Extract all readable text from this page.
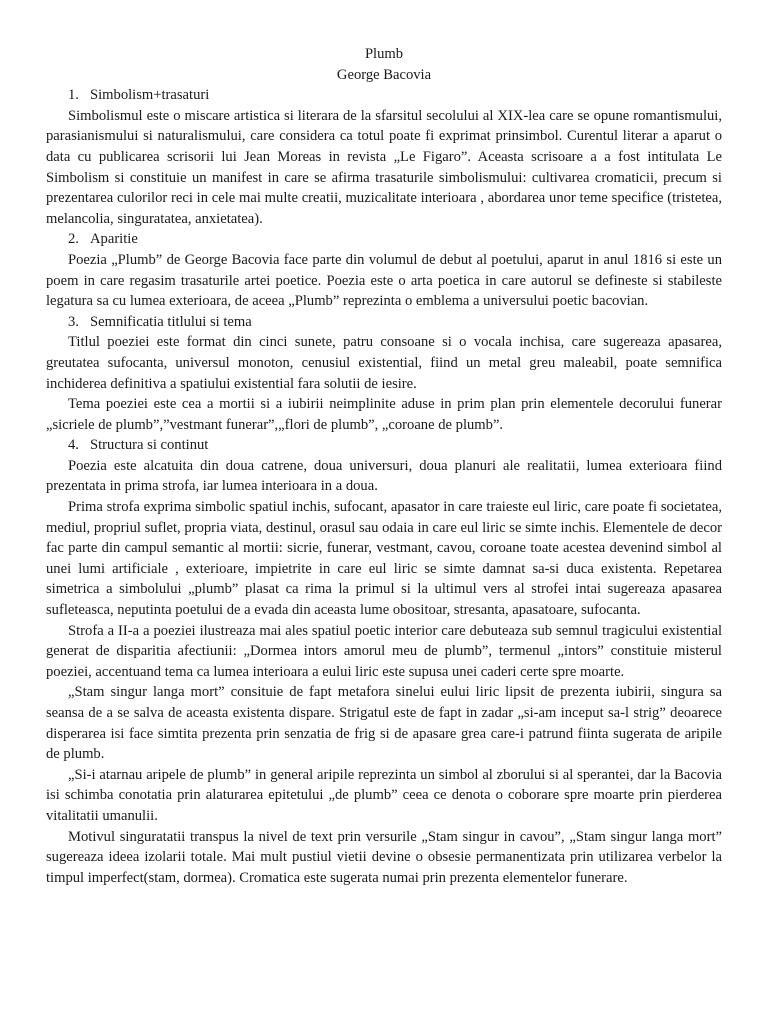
Plumb

George Bacovia

1. Simbolism+trasaturi

Simbolismul este o miscare artistica si literara de la sfarsitul secolului al XIX-lea care se opune romantismului, parasianismului si naturalismului, care considera ca totul poate fi exprimat prinsimbol. Curentul literar a aparut o data cu publicarea scrisorii lui Jean Moreas in revista „Le Figaro”. Aceasta scrisoare a a fost intitulata Le Simbolism si constituie un manifest in care se afirma trasaturile simbolismului: cultivarea cromaticii, precum si prezentarea culorilor reci in cele mai multe creatii, muzicalitate interioara , abordarea unor teme specifice (tristetea, melancolia, singuratatea, anxietatea).

2. Aparitie

Poezia „Plumb” de George Bacovia face parte din volumul de debut al poetului, aparut in anul 1816 si este un poem in care regasim trasaturile artei poetice. Poezia este o arta poetica in care autorul se defineste si stabileste legatura sa cu lumea exterioara, de aceea „Plumb” reprezinta o emblema a universului poetic bacovian.

3. Semnificatia titlului si tema

Titlul poeziei este format din cinci sunete, patru consoane si o vocala inchisa, care sugereaza apasarea, greutatea sufocanta, universul monoton, cenusiul existential, fiind un metal greu maleabil, poate semnifica inchiderea definitiva a spatiului existential fara solutii de iesire.

Tema poeziei este cea a mortii si a iubirii neimplinite aduse in prim plan prin elementele decorului funerar „sicriele de plumb”,”vestmant funerar”,„flori de plumb”, „coroane de plumb”.

4. Structura si continut

Poezia este alcatuita din doua catrene, doua universuri, doua planuri ale realitatii, lumea exterioara fiind prezentata in prima strofa, iar lumea interioara in a doua.

Prima strofa exprima simbolic spatiul inchis, sufocant, apasator in care traieste eul liric, care poate fi societatea, mediul, propriul suflet, propria viata, destinul, orasul sau odaia in care eul liric se simte inchis. Elementele de decor fac parte din campul semantic al mortii: sicrie, funerar, vestmant, cavou, coroane toate acestea devenind simbol al unei lumi artificiale , exterioare, impietrite in care eul liric se simte damnat sa-si duca existenta. Repetarea simetrica a simbolului „plumb” plasat ca rima la primul si la ultimul vers al strofei intai sugereaza apasarea sufleteasca, neputinta poetului de a evada din aceasta lume obositoar, stresanta, apasatoare, sufocanta.

Strofa a II-a a poeziei ilustreaza mai ales spatiul poetic interior care debuteaza sub semnul tragicului existential generat de disparitia afectiunii: „Dormea intors amorul meu de plumb”, termenul „intors” constituie misterul poeziei, accentuand tema ca lumea interioara a eului liric este supusa unei caderi certe spre moarte.

„Stam singur langa mort” consituie de fapt metafora sinelui eului liric lipsit de prezenta iubirii, singura sa seansa de a se salva de aceasta existenta dispare. Strigatul este de fapt in zadar „si-am inceput sa-l strig” deoarece disperarea isi face simtita prezenta prin senzatia de frig si de apasare grea care-i patrund fiinta sugerata de aripile de plumb.

„Si-i atarnau aripele de plumb” in general aripile reprezinta un simbol al zborului si al sperantei, dar la Bacovia isi schimba conotatia prin alaturarea epitetului „de plumb” ceea ce denota o coborare spre moarte prin pierderea vitalitatii umanulii.

Motivul singuratatii transpus la nivel de text prin versurile „Stam singur in cavou”, „Stam singur langa mort” sugereaza ideea izolarii totale. Mai mult pustiul vietii devine o obsesie permanentizata prin utilizarea verbelor la timpul imperfect(stam, dormea). Cromatica este sugerata numai prin prezenta elementelor funerare.
